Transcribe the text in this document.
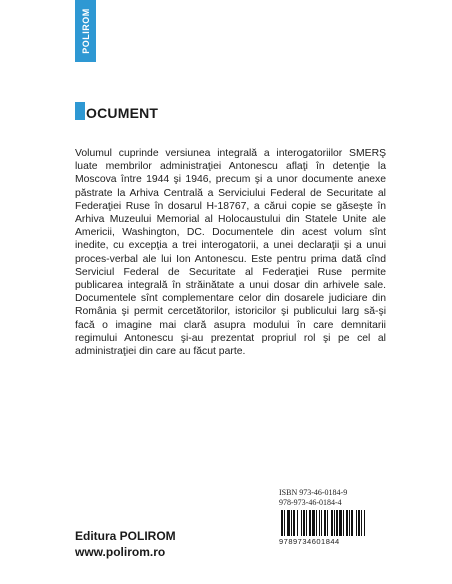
POLIROM
OCUMENT

Volumul cuprinde versiunea integrală a interogatoriilor SMERŞ luate membrilor administraţiei Antonescu aflaţi în detenţie la Moscova între 1944 şi 1946, precum şi a unor documente anexe păstrate la Arhiva Centrală a Serviciului Federal de Securitate al Federaţiei Ruse în dosarul H-18767, a cărui copie se găseşte în Arhiva Muzeului Memorial al Holocaustului din Statele Unite ale Americii, Washington, DC. Documentele din acest volum sînt inedite, cu excepţia a trei interogatorii, a unei declaraţii şi a unui proces-verbal ale lui Ion Antonescu. Este pentru prima dată cînd Serviciul Federal de Securitate al Federaţiei Ruse permite publicarea integrală în străinătate a unui dosar din arhivele sale. Documentele sînt complementare celor din dosarele judiciare din România şi permit cercetătorilor, istoricilor şi publicului larg să-şi facă o imagine mai clară asupra modului în care demnitarii regimului Antonescu şi-au prezentat propriul rol şi pe cel al administraţiei din care au făcut parte.

ISBN 973-46-0184-9

978-973-46-0184-4

9789734601844
Editura POLIROM
www.polirom.ro
